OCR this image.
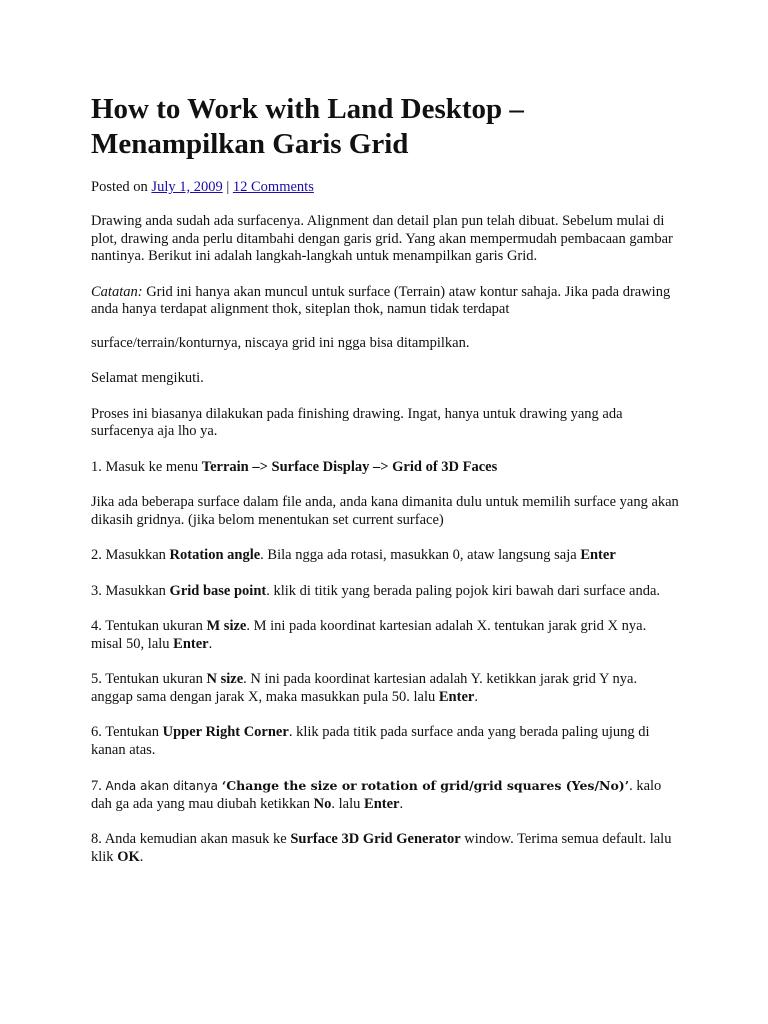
How to Work with Land Desktop –
Menampilkan Garis Grid
Posted on July 1, 2009 | 12 Comments

Drawing anda sudah ada surfacenya. Alignment dan detail plan pun telah dibuat. Sebelum mulai di plot, drawing anda perlu ditambahi dengan garis grid. Yang akan mempermudah pembacaan gambar nantinya. Berikut ini adalah langkah-langkah untuk menampilkan garis Grid.

Catatan: Grid ini hanya akan muncul untuk surface (Terrain) ataw kontur sahaja. Jika pada drawing anda hanya terdapat alignment thok, siteplan thok, namun tidak terdapat

surface/terrain/konturnya, niscaya grid ini ngga bisa ditampilkan.

Selamat mengikuti.

Proses ini biasanya dilakukan pada finishing drawing. Ingat, hanya untuk drawing yang ada surfacenya aja lho ya.

1. Masuk ke menu Terrain –> Surface Display –> Grid of 3D Faces

Jika ada beberapa surface dalam file anda, anda kana dimanita dulu untuk memilih surface yang akan dikasih gridnya. (jika belom menentukan set current surface)

2. Masukkan Rotation angle. Bila ngga ada rotasi, masukkan 0, ataw langsung saja Enter

3. Masukkan Grid base point. klik di titik yang berada paling pojok kiri bawah dari surface anda.

4. Tentukan ukuran M size. M ini pada koordinat kartesian adalah X. tentukan jarak grid X nya. misal 50, lalu Enter.

5. Tentukan ukuran N size. N ini pada koordinat kartesian adalah Y. ketikkan jarak grid Y nya. anggap sama dengan jarak X, maka masukkan pula 50. lalu Enter.

6. Tentukan Upper Right Corner. klik pada titik pada surface anda yang berada paling ujung di kanan atas.

7. Anda akan ditanya ‘Change the size or rotation of grid/grid squares (Yes/No)’. kalo dah ga ada yang mau diubah ketikkan No. lalu Enter.

8. Anda kemudian akan masuk ke Surface 3D Grid Generator window. Terima semua default. lalu klik OK.
